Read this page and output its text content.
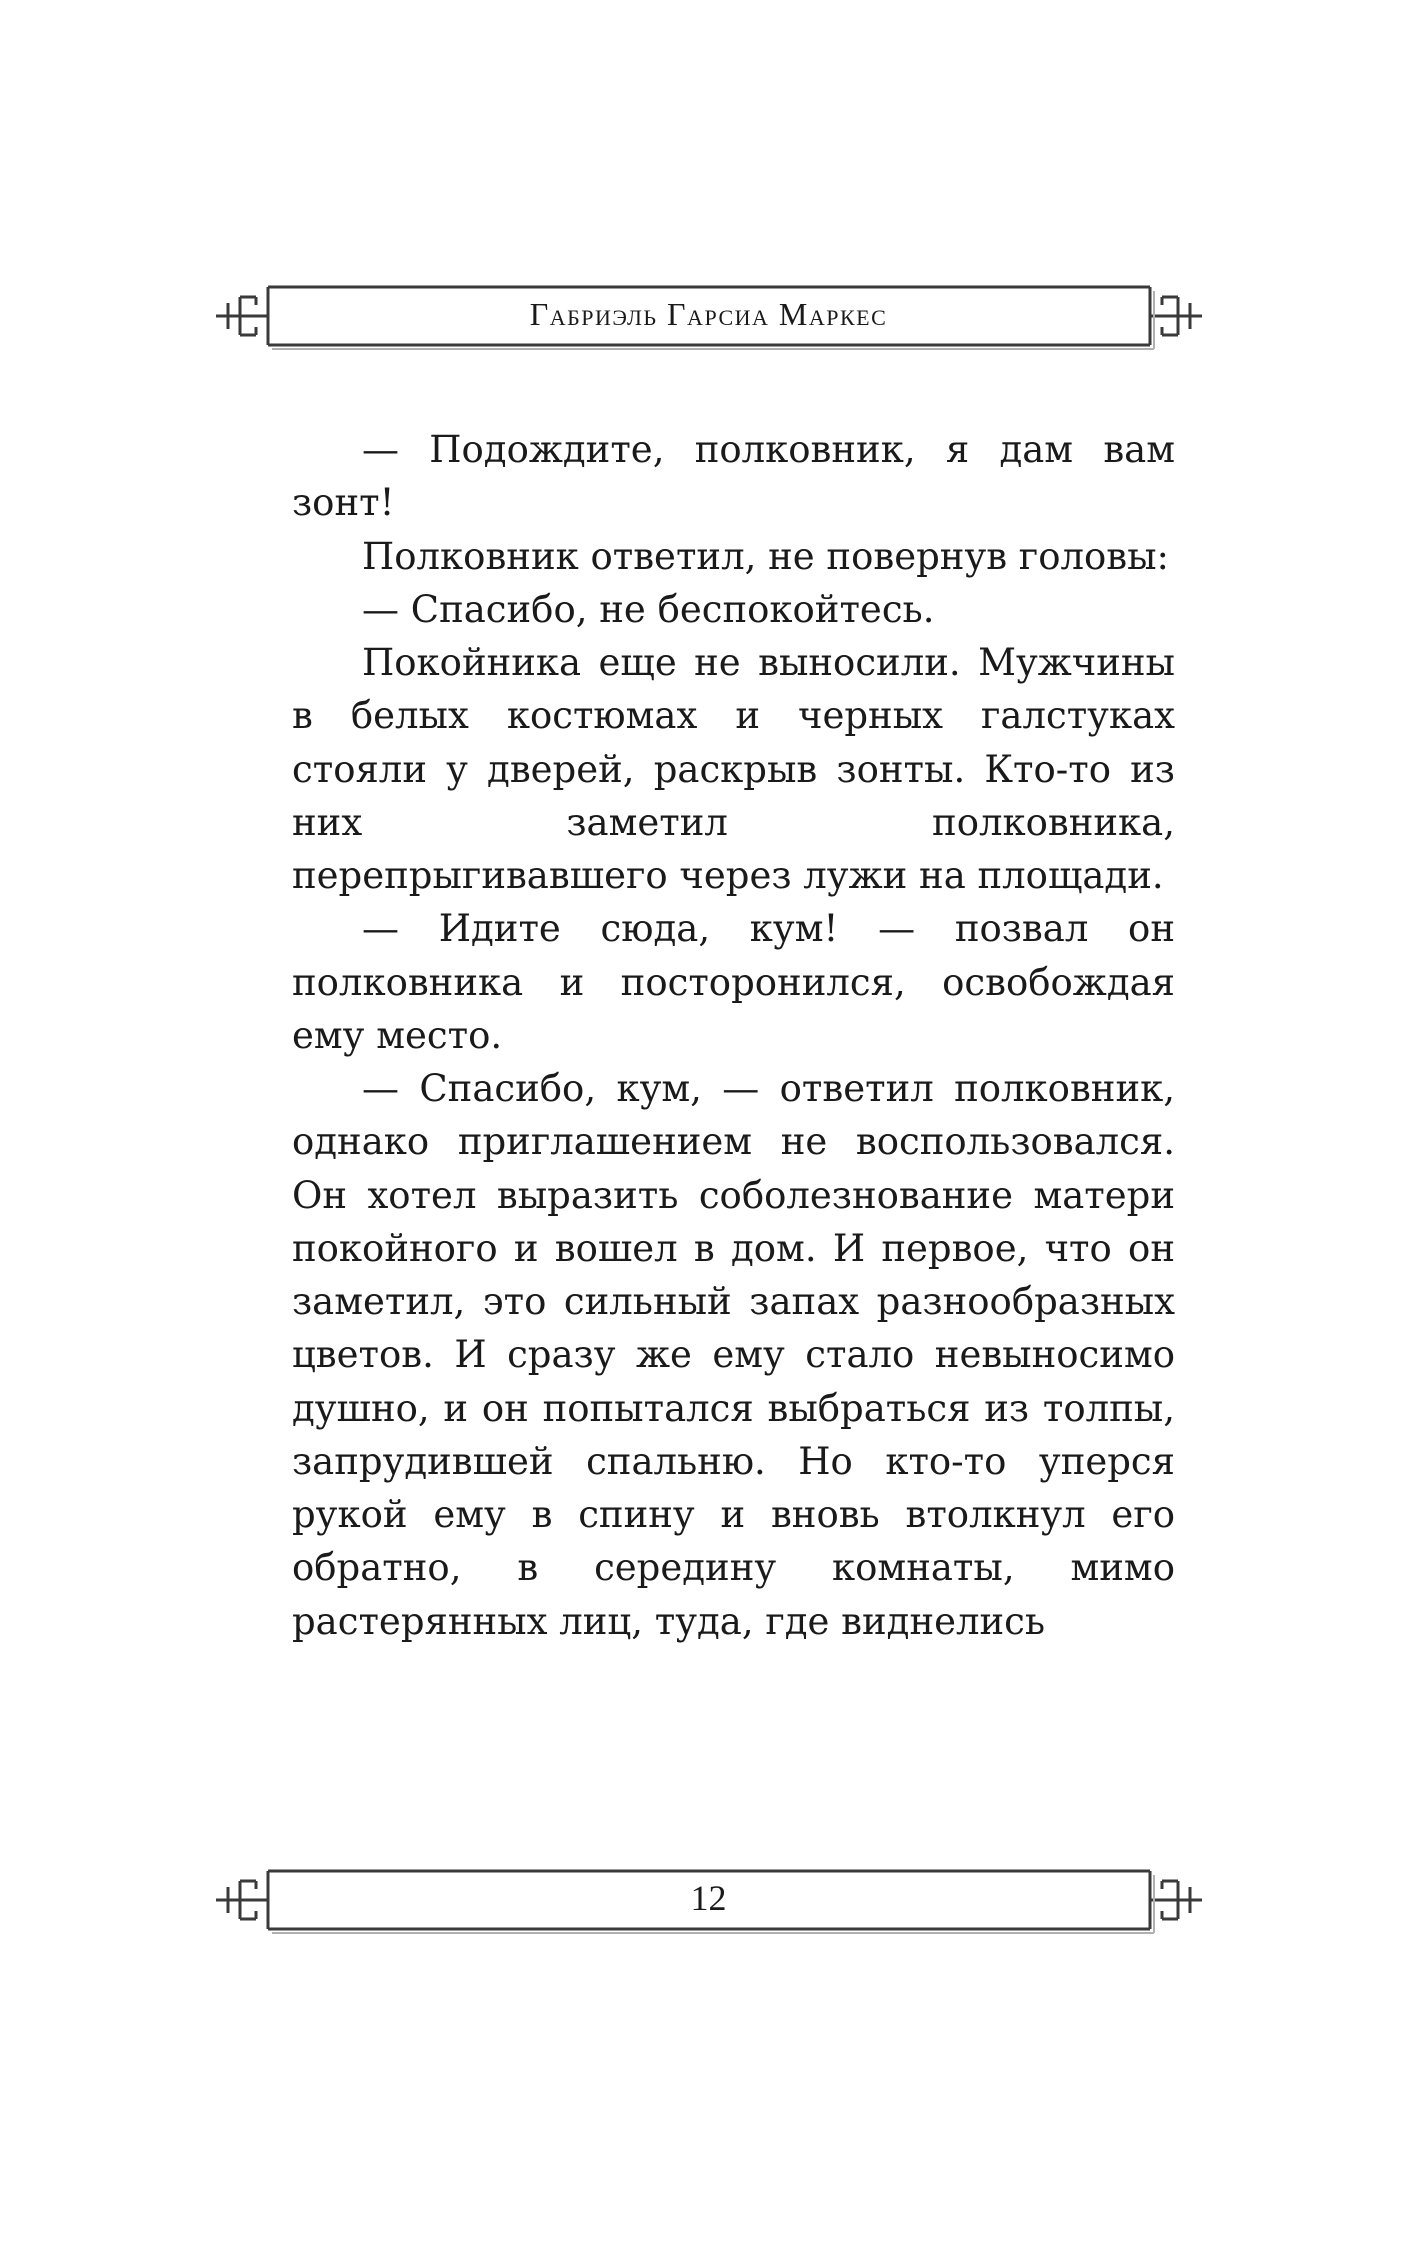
Габриэль Гарсиа Маркес

— Подождите, полковник, я дам вам зонт!

Полковник ответил, не повернув головы:

— Спасибо, не беспокойтесь.

Покойника еще не выносили. Мужчины в белых костюмах и черных галстуках стояли у дверей, раскрыв зонты. Кто-то из них заметил полковника, перепрыгивавшего через лужи на площади.

— Идите сюда, кум! — позвал он полковника и посторонился, освобождая ему место.

— Спасибо, кум, — ответил полковник, однако приглашением не воспользовался. Он хотел выразить соболезнование матери покойного и вошел в дом. И первое, что он заметил, это сильный запах разнообразных цветов. И сразу же ему стало невыносимо душно, и он попытался выбраться из толпы, запрудившей спальню. Но кто-то уперся рукой ему в спину и вновь втолкнул его обратно, в середину комнаты, мимо растерянных лиц, туда, где виднелись

12
